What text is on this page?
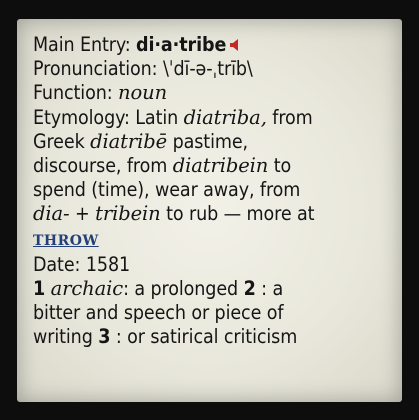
Main Entry: di·a·tribe
Pronunciation: \ˈdī-ə-ˌtrīb\
Function: noun
Etymology: Latin diatriba, from
Greek diatribē pastime,
discourse, from diatribein to
spend (time), wear away, from
dia- + tribein to rub — more at
THROW
Date: 1581
1 archaic: a prolonged 2 : a
bitter and speech or piece of
writing 3 : or satirical criticism
